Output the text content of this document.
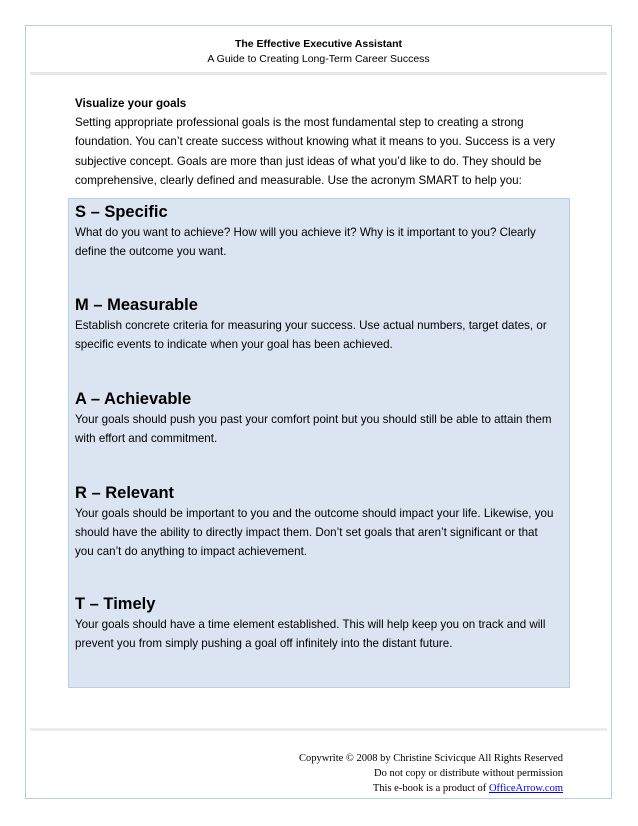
The Effective Executive Assistant
A Guide to Creating Long-Term Career Success
Visualize your goals
Setting appropriate professional goals is the most fundamental step to creating a strong foundation. You can’t create success without knowing what it means to you. Success is a very subjective concept. Goals are more than just ideas of what you’d like to do. They should be comprehensive, clearly defined and measurable. Use the acronym SMART to help you:
S – Specific
What do you want to achieve? How will you achieve it? Why is it important to you? Clearly define the outcome you want.
M – Measurable
Establish concrete criteria for measuring your success. Use actual numbers, target dates, or specific events to indicate when your goal has been achieved.
A – Achievable
Your goals should push you past your comfort point but you should still be able to attain them with effort and commitment.
R – Relevant
Your goals should be important to you and the outcome should impact your life. Likewise, you should have the ability to directly impact them. Don’t set goals that aren’t significant or that you can’t do anything to impact achievement.
T – Timely
Your goals should have a time element established. This will help keep you on track and will prevent you from simply pushing a goal off infinitely into the distant future.
Copywrite © 2008 by Christine Scivicque All Rights Reserved
Do not copy or distribute without permission
This e-book is a product of OfficeArrow.com
